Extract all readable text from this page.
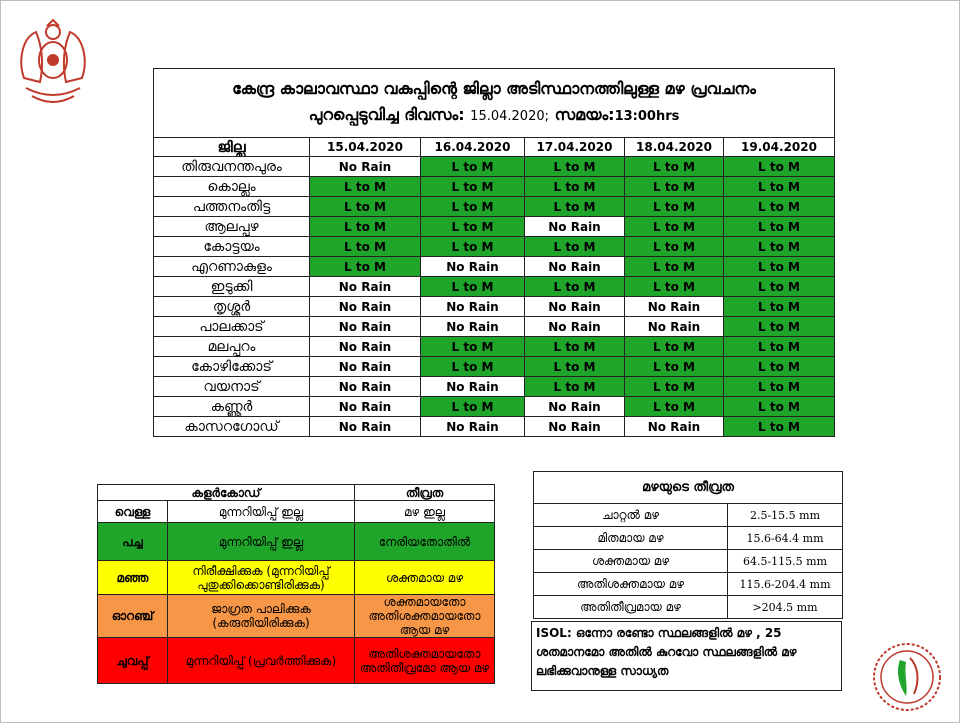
കേന്ദ്ര കാലാവസ്ഥാ വകുപ്പിന്റെ ജില്ലാ അടിസ്ഥാനത്തിലുള്ള മഴ പ്രവചനം
പുറപ്പെടുവിച്ച ദിവസം: 15.04.2020; സമയം:13:00hrs					

ജില്ല	15.04.2020	16.04.2020	17.04.2020	18.04.2020	19.04.2020
തിരുവനന്തപുരം	No Rain	L to M	L to M	L to M	L to M
കൊല്ലം	L to M	L to M	L to M	L to M	L to M
പത്തനംതിട്ട	L to M	L to M	L to M	L to M	L to M
ആലപ്പുഴ	L to M	L to M	No Rain	L to M	L to M
കോട്ടയം	L to M	L to M	L to M	L to M	L to M
എറണാകുളം	L to M	No Rain	No Rain	L to M	L to M
ഇടുക്കി	No Rain	L to M	L to M	L to M	L to M
തൃശ്ശൂർ	No Rain	No Rain	No Rain	No Rain	L to M
പാലക്കാട്	No Rain	No Rain	No Rain	No Rain	L to M
മലപ്പുറം	No Rain	L to M	L to M	L to M	L to M
കോഴിക്കോട്	No Rain	L to M	L to M	L to M	L to M
വയനാട്	No Rain	No Rain	L to M	L to M	L to M
കണ്ണൂർ	No Rain	L to M	No Rain	L to M	L to M
കാസറഗോഡ്	No Rain	No Rain	No Rain	No Rain	L to M
കളർകോഡ്		തീവ്രത
വെള്ള	മുന്നറിയിപ്പ് ഇല്ല	മഴ ഇല്ല
പച്ച	മുന്നറിയിപ്പ് ഇല്ല	നേരിയതോതിൽ
മഞ്ഞ	നിരീക്ഷിക്കുക (മുന്നറിയിപ്പ് പുതുക്കിക്കൊണ്ടിരിക്കുക)	ശക്തമായ മഴ
ഓറഞ്ച്	ജാഗ്രത പാലിക്കുക (കരുതിയിരിക്കുക)	ശക്തമായതോ അതിശക്തമായതോ ആയ മഴ
ചുവപ്പ്	മുന്നറിയിപ്പ് (പ്രവർത്തിക്കുക)	അതിശക്തമായതോ അതിതീവ്രമോ ആയ മഴ
മഴയുടെ തീവ്രത	
ചാറ്റൽ മഴ	2.5-15.5 mm
മിതമായ മഴ	15.6-64.4 mm
ശക്തമായ മഴ	64.5-115.5 mm
അതിശക്തമായ മഴ	115.6-204.4 mm
അതിതീവ്രമായ മഴ	>204.5 mm
ISOL: ഒന്നോ രണ്ടോ സ്ഥലങ്ങളിൽ മഴ , 25 ശതമാനമോ അതിൽ കുറവോ സ്ഥലങ്ങളിൽ മഴ ലഭിക്കുവാനുള്ള സാധ്യത
